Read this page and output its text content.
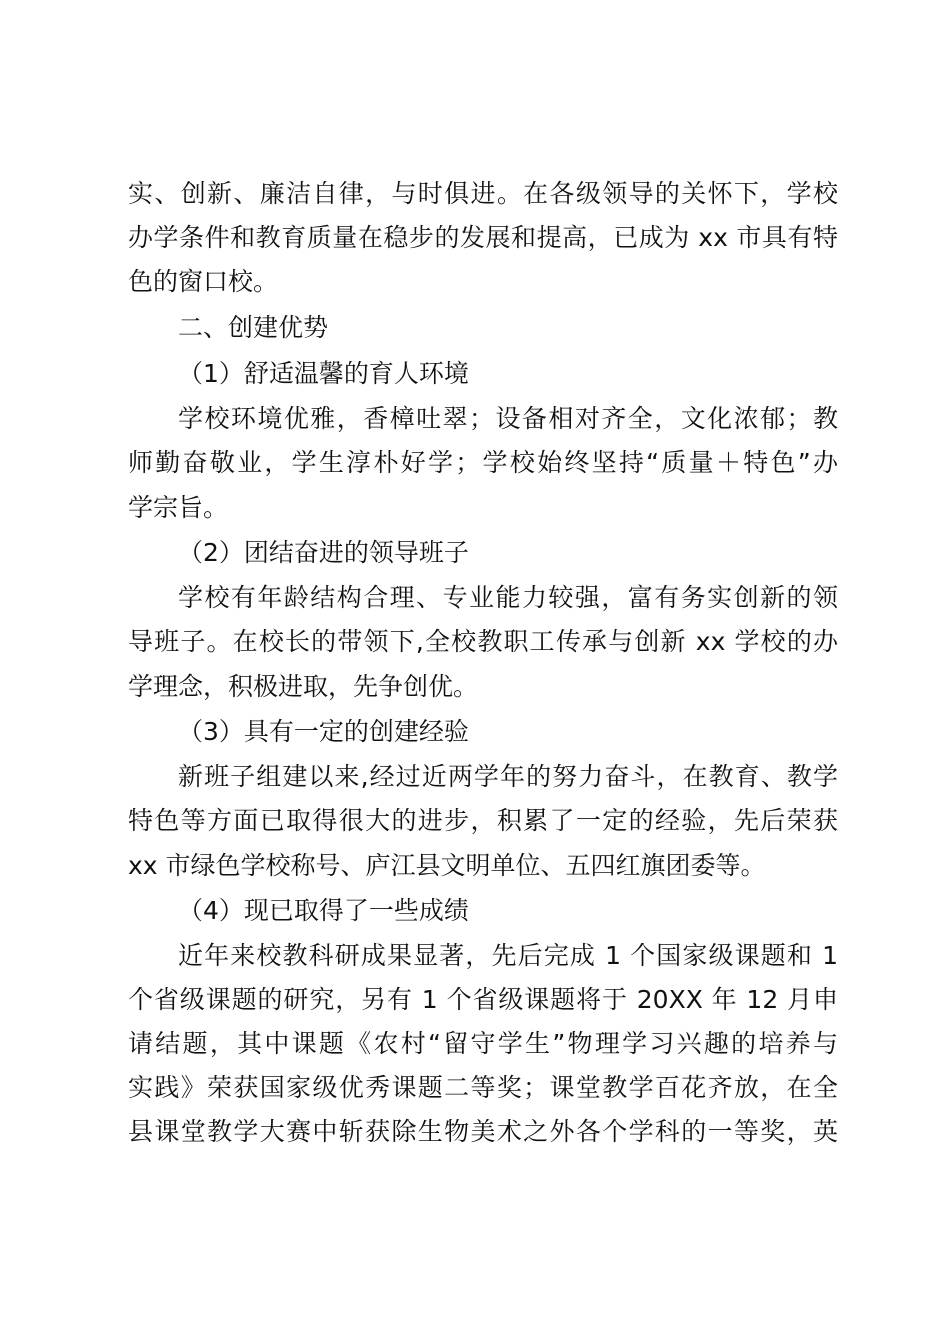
实、创新、廉洁自律，与时俱进。在各级领导的关怀下，学校
办学条件和教育质量在稳步的发展和提高，已成为 xx 市具有特
色的窗口校。
二、创建优势
（1）舒适温馨的育人环境
学校环境优雅，香樟吐翠；设备相对齐全，文化浓郁；教
师勤奋敬业，学生淳朴好学；学校始终坚持“质量＋特色”办
学宗旨。
（2）团结奋进的领导班子
学校有年龄结构合理、专业能力较强，富有务实创新的领
导班子。在校长的带领下,全校教职工传承与创新 xx 学校的办
学理念，积极进取，先争创优。
（3）具有一定的创建经验
新班子组建以来,经过近两学年的努力奋斗，在教育、教学
特色等方面已取得很大的进步，积累了一定的经验，先后荣获
xx 市绿色学校称号、庐江县文明单位、五四红旗团委等。
（4）现已取得了一些成绩
近年来校教科研成果显著，先后完成 1 个国家级课题和 1
个省级课题的研究，另有 1 个省级课题将于 20XX 年 12 月申
请结题，其中课题《农村“留守学生”物理学习兴趣的培养与
实践》荣获国家级优秀课题二等奖；课堂教学百花齐放，在全
县课堂教学大赛中斩获除生物美术之外各个学科的一等奖，英
